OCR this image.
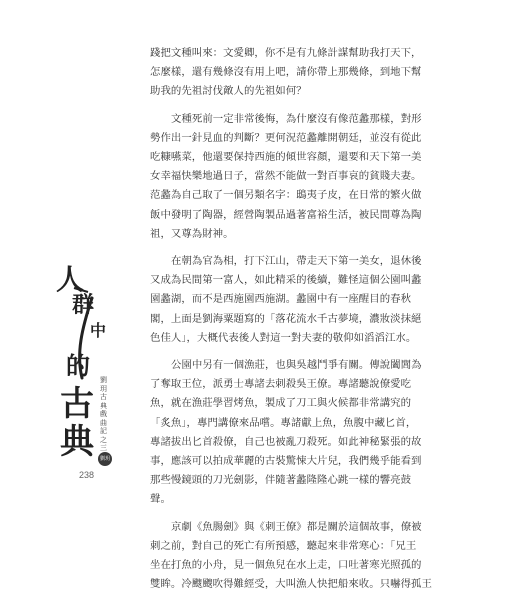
踐把文種叫來：文愛卿，你不是有九條計謀幫助我打天下，
怎麼樣，還有幾條沒有用上吧，請你帶上那幾條，到地下幫
助我的先祖討伐敵人的先祖如何？

文種死前一定非常後悔，為什麼沒有像范蠡那樣，對形
勢作出一針見血的判斷？更何況范蠡離開朝廷，並沒有從此
吃糠嚥菜，他還要保持西施的傾世容顏，還要和天下第一美
女幸福快樂地過日子，當然不能做一對百事哀的貧賤夫妻。
范蠡為自己取了一個另類名字：鴟夷子皮，在日常的繁火做
飯中發明了陶器，經營陶製品過著富裕生活，被民間尊為陶
祖，又尊為財神。

在朝為官為相，打下江山，帶走天下第一美女，退休後
又成為民間第一富人，如此精采的後續，難怪這個公園叫蠡
園蠡湖，而不是西施園西施湖。蠡園中有一座醒目的春秋
閣，上面是劉海粟題寫的「落花流水千古夢境，濃妝淡抹絕
色佳人」，大概代表後人對這一對夫妻的敬仰如滔滔江水。

公園中另有一個漁莊，也與吳越鬥爭有關。傳說闔閭為
了奪取王位，派勇士專諸去刺殺吳王僚。專諸聽說僚愛吃
魚，就在漁莊學習烤魚，製成了刀工與火候都非常講究的
「炙魚」，專門講僚來品嚐。專諸獻上魚，魚腹中藏匕首，
專諸拔出匕首殺僚，自己也被亂刀殺死。如此神秘緊張的故
事，應該可以拍成華麗的古裝驚悚大片兒，我們幾乎能看到
那些慢鏡頭的刀光劍影，伴隨著蠡隆隆心跳一樣的響亮鼓
聲。

京劇《魚腸劍》與《刺王僚》都是關於這個故事，僚被
刺之前，對自己的死亡有所預感，聽起來非常寒心：「兄王
坐在打魚的小舟，見一個魚兒在水上走，口吐著寒光照孤的
雙眸。冷颼颼吹得難經受，大叫漁人快把船來收。只嚇得孤王

人
群
中
的
古
典
劉玥古典戲曲記之三
劉玥
238
